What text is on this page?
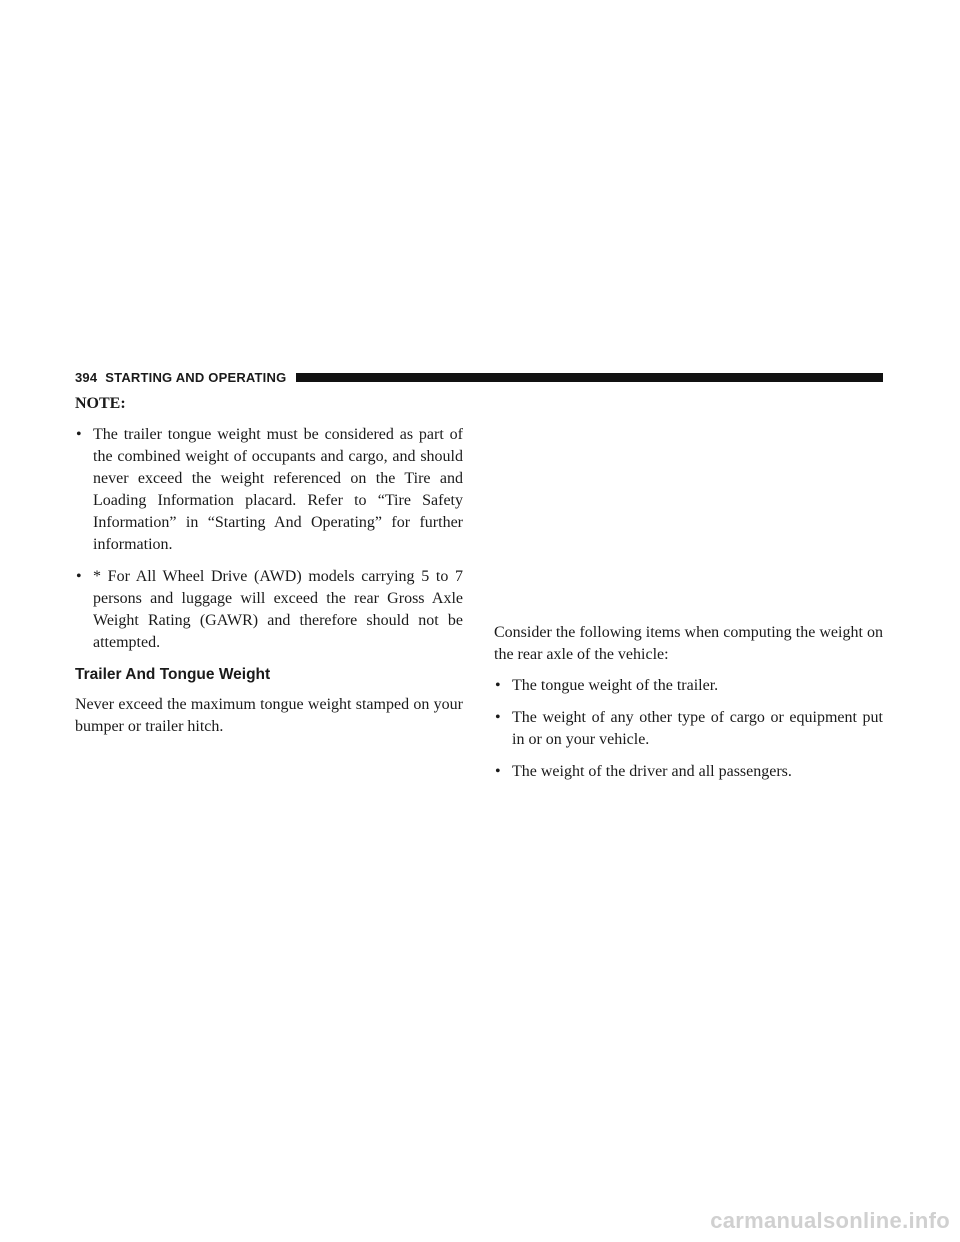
394 STARTING AND OPERATING
NOTE:
• The trailer tongue weight must be considered as part of the combined weight of occupants and cargo, and should never exceed the weight referenced on the Tire and Loading Information placard. Refer to “Tire Safety Information” in “Starting And Operating” for further information.
• * For All Wheel Drive (AWD) models carrying 5 to 7 persons and luggage will exceed the rear Gross Axle Weight Rating (GAWR) and therefore should not be attempted.
Trailer And Tongue Weight

Never exceed the maximum tongue weight stamped on your bumper or trailer hitch.

Consider the following items when computing the weight on the rear axle of the vehicle:

• The tongue weight of the trailer.
• The weight of any other type of cargo or equipment put in or on your vehicle.
• The weight of the driver and all passengers.
carmanualsonline.info
